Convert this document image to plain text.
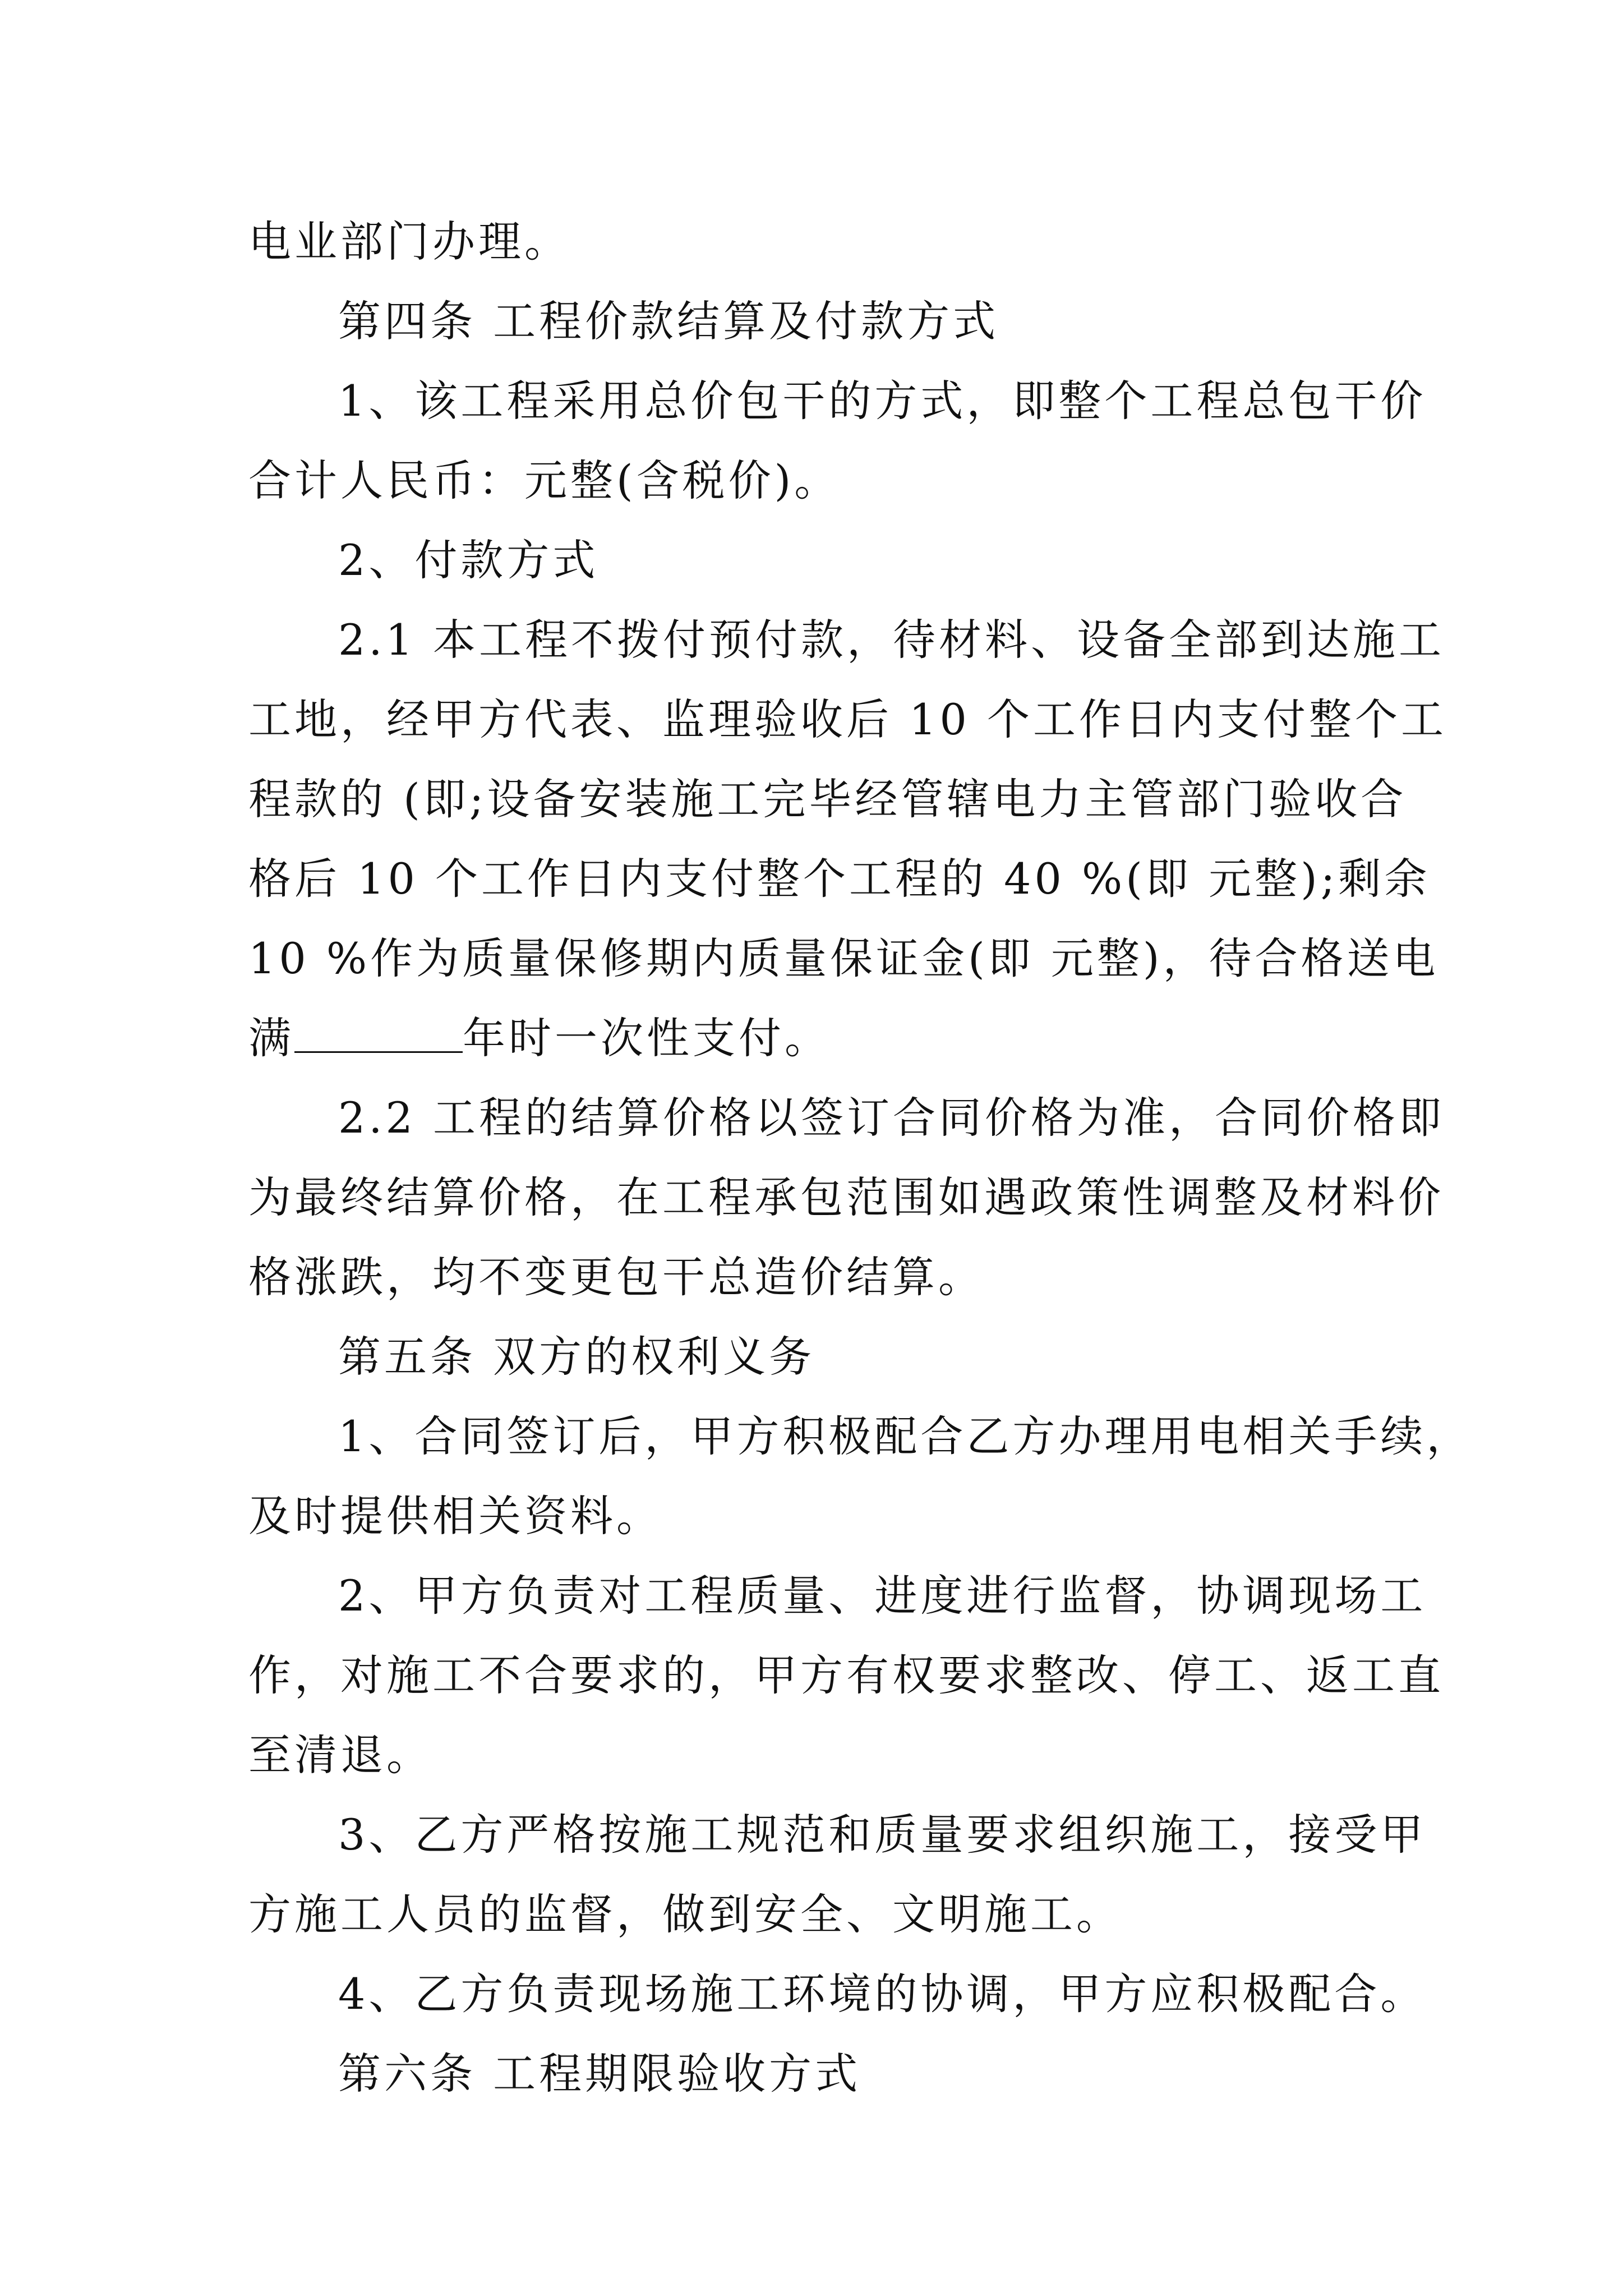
电业部门办理。
第四条 工程价款结算及付款方式
1、该工程采用总价包干的方式，即整个工程总包干价
合计人民币：元整(含税价)。
2、付款方式
2.1 本工程不拨付预付款，待材料、设备全部到达施工
工地，经甲方代表、监理验收后 10 个工作日内支付整个工
程款的 (即;设备安装施工完毕经管辖电力主管部门验收合
格后 10 个工作日内支付整个工程的 40 %(即 元整);剩余
10 %作为质量保修期内质量保证金(即 元整)，待合格送电
满	年时一次性支付。
2.2 工程的结算价格以签订合同价格为准，合同价格即
为最终结算价格，在工程承包范围如遇政策性调整及材料价
格涨跌，均不变更包干总造价结算。
第五条 双方的权利义务
1、合同签订后，甲方积极配合乙方办理用电相关手续，
及时提供相关资料。
2、甲方负责对工程质量、进度进行监督，协调现场工
作，对施工不合要求的，甲方有权要求整改、停工、返工直
至清退。
3、乙方严格按施工规范和质量要求组织施工，接受甲
方施工人员的监督，做到安全、文明施工。
4、乙方负责现场施工环境的协调，甲方应积极配合。
第六条 工程期限验收方式
